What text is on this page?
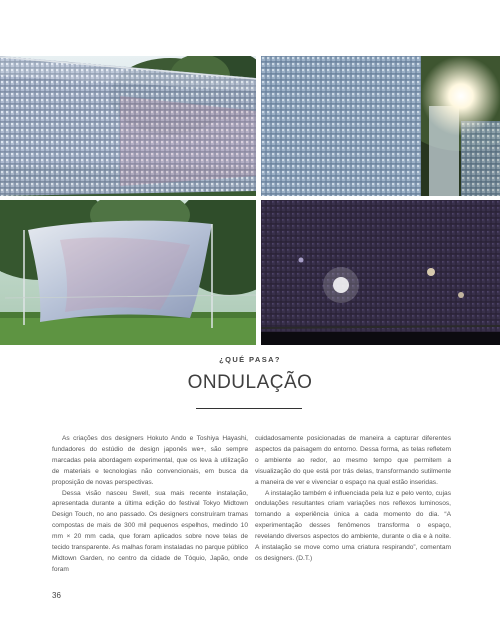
¿QUÉ PASA?
ONDULAÇÃO

As criações dos designers Hokuto Ando e Toshiya Hayashi, fundadores do estúdio de design japonês we+, são sempre marcadas pela abordagem experimental, que os leva à utilização de materiais e tecnologias não convencionais, em busca da proposição de novas perspectivas.

Dessa visão nasceu Swell, sua mais recente instalação, apresentada durante a última edição do festival Tokyo Midtown Design Touch, no ano passado. Os designers construíram tramas compostas de mais de 300 mil pequenos espelhos, medindo 10 mm × 20 mm cada, que foram aplicados sobre nove telas de tecido transparente. As malhas foram instaladas no parque público Midtown Garden, no centro da cidade de Tóquio, Japão, onde foram

cuidadosamente posicionadas de maneira a capturar diferentes aspectos da paisagem do entorno. Dessa forma, as telas refletem o ambiente ao redor, ao mesmo tempo que permitem a visualização do que está por trás delas, transformando sutilmente a maneira de ver e vivenciar o espaço na qual estão inseridas.

A instalação também é influenciada pela luz e pelo vento, cujas ondulações resultantes criam variações nos reflexos luminosos, tornando a experiência única a cada momento do dia. “A experimentação desses fenômenos transforma o espaço, revelando diversos aspectos do ambiente, durante o dia e à noite. A instalação se move como uma criatura respirando”, comentam os designers. (D.T.)

36
